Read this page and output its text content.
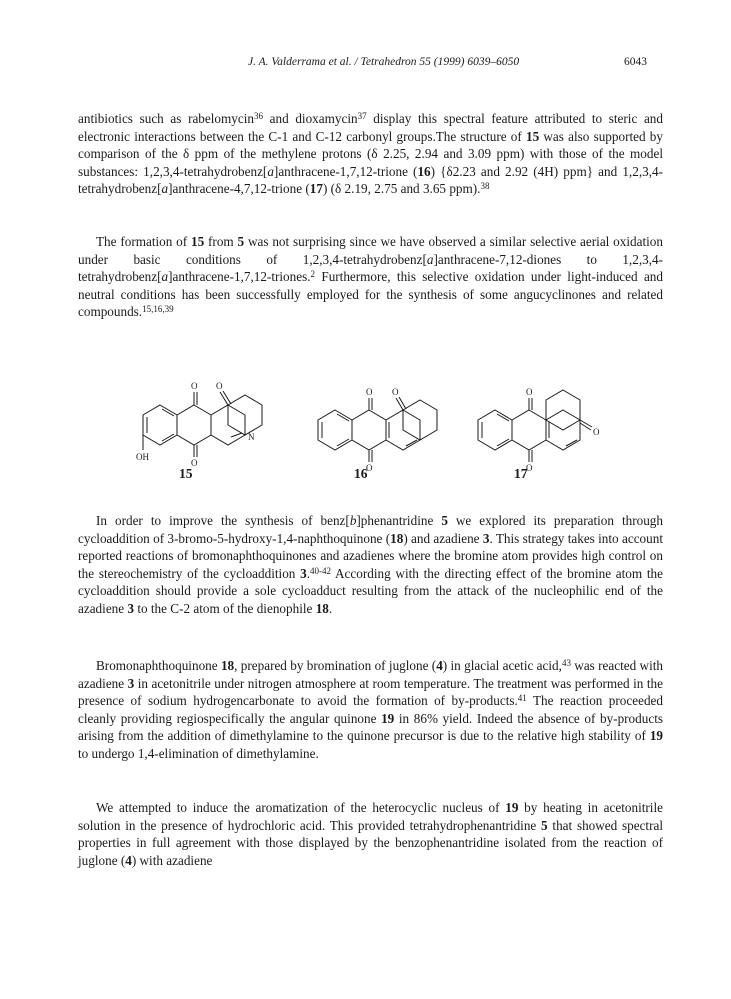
J. A. Valderrama et al. / Tetrahedron 55 (1999) 6039–6050	6043

antibiotics such as rabelomycin$^{36}$ and dioxamycin$^{37}$ display this spectral feature attributed to steric and electronic interactions between the C-1 and C-12 carbonyl groups.The structure of 15 was also supported by comparison of the δ ppm of the methylene protons (δ 2.25, 2.94 and 3.09 ppm) with those of the model substances: 1,2,3,4-tetrahydrobenz[a]anthracene-1,7,12-trione (16) {δ2.23 and 2.92 (4H) ppm} and 1,2,3,4-tetrahydrobenz[a]anthracene-4,7,12-trione (17) (δ 2.19, 2.75 and 3.65 ppm).$^{38}$

The formation of 15 from 5 was not surprising since we have observed a similar selective aerial oxidation under basic conditions of 1,2,3,4-tetrahydrobenz[a]anthracene-7,12-diones to 1,2,3,4-tetrahydrobenz[a]anthracene-1,7,12-triones.$^2$ Furthermore, this selective oxidation under light-induced and neutral conditions has been successfully employed for the synthesis of some angucyclinones and related compounds.$^{15,16,39}$

O O
O
N
OH
O O
O
O
O
O
15	16	17

In order to improve the synthesis of benz[b]phenantridine 5 we explored its preparation through cycloaddition of 3-bromo-5-hydroxy-1,4-naphthoquinone (18) and azadiene 3. This strategy takes into account reported reactions of bromonaphthoquinones and azadienes where the bromine atom provides high control on the stereochemistry of the cycloaddition 3.$^{40-42}$ According with the directing effect of the bromine atom the cycloaddition should provide a sole cycloadduct resulting from the attack of the nucleophilic end of the azadiene 3 to the C-2 atom of the dienophile 18.

Bromonaphthoquinone 18, prepared by bromination of juglone (4) in glacial acetic acid,$^{43}$ was reacted with azadiene 3 in acetonitrile under nitrogen atmosphere at room temperature. The treatment was performed in the presence of sodium hydrogencarbonate to avoid the formation of by-products.$^{41}$ The reaction proceeded cleanly providing regiospecifically the angular quinone 19 in 86% yield. Indeed the absence of by-products arising from the addition of dimethylamine to the quinone precursor is due to the relative high stability of 19 to undergo 1,4-elimination of dimethylamine.

We attempted to induce the aromatization of the heterocyclic nucleus of 19 by heating in acetonitrile solution in the presence of hydrochloric acid. This provided tetrahydrophenantridine 5 that showed spectral properties in full agreement with those displayed by the benzophenantridine isolated from the reaction of juglone (4) with azadiene
